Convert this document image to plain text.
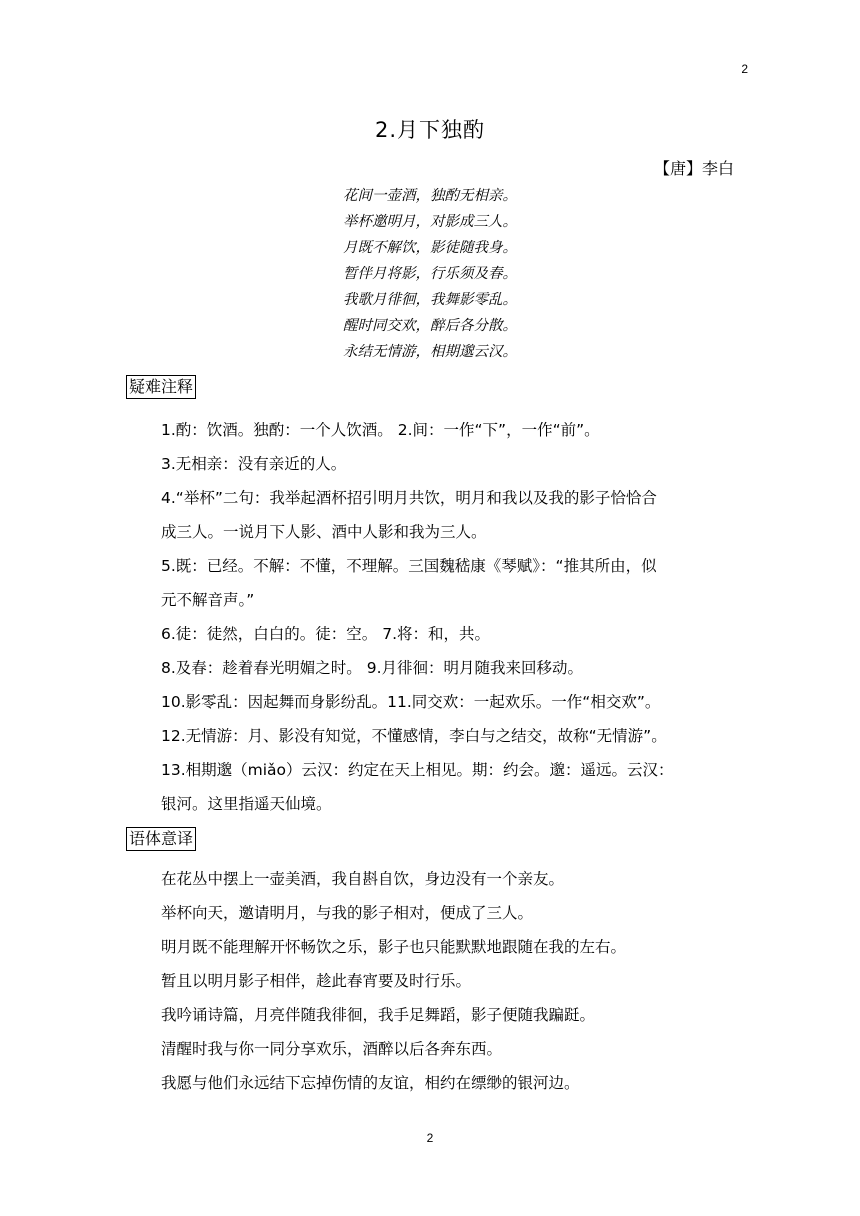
2
2.月下独酌
【唐】李白

花间一壶酒，独酌无相亲。

举杯邀明月，对影成三人。

月既不解饮，影徒随我身。

暂伴月将影，行乐须及春。

我歌月徘徊，我舞影零乱。

醒时同交欢，醉后各分散。

永结无情游，相期邈云汉。

疑难注释

1.酌：饮酒。独酌：一个人饮酒。 2.间：一作“下”，一作“前”。

3.无相亲：没有亲近的人。

4.“举杯”二句：我举起酒杯招引明月共饮，明月和我以及我的影子恰恰合

成三人。一说月下人影、酒中人影和我为三人。

5.既：已经。不解：不懂，不理解。三国魏嵇康《琴赋》：“推其所由，似

元不解音声。”

6.徒：徒然，白白的。徒：空。 7.将：和，共。

8.及春：趁着春光明媚之时。 9.月徘徊：明月随我来回移动。

10.影零乱：因起舞而身影纷乱。11.同交欢：一起欢乐。一作“相交欢”。

12.无情游：月、影没有知觉，不懂感情，李白与之结交，故称“无情游”。

13.相期邈（miǎo）云汉：约定在天上相见。期：约会。邈：遥远。云汉：

银河。这里指遥天仙境。

语体意译

在花丛中摆上一壶美酒，我自斟自饮，身边没有一个亲友。

举杯向天，邀请明月，与我的影子相对，便成了三人。

明月既不能理解开怀畅饮之乐，影子也只能默默地跟随在我的左右。

暂且以明月影子相伴，趁此春宵要及时行乐。

我吟诵诗篇，月亮伴随我徘徊，我手足舞蹈，影子便随我蹁跹。

清醒时我与你一同分享欢乐，酒醉以后各奔东西。

我愿与他们永远结下忘掉伤情的友谊，相约在缥缈的银河边。

2
